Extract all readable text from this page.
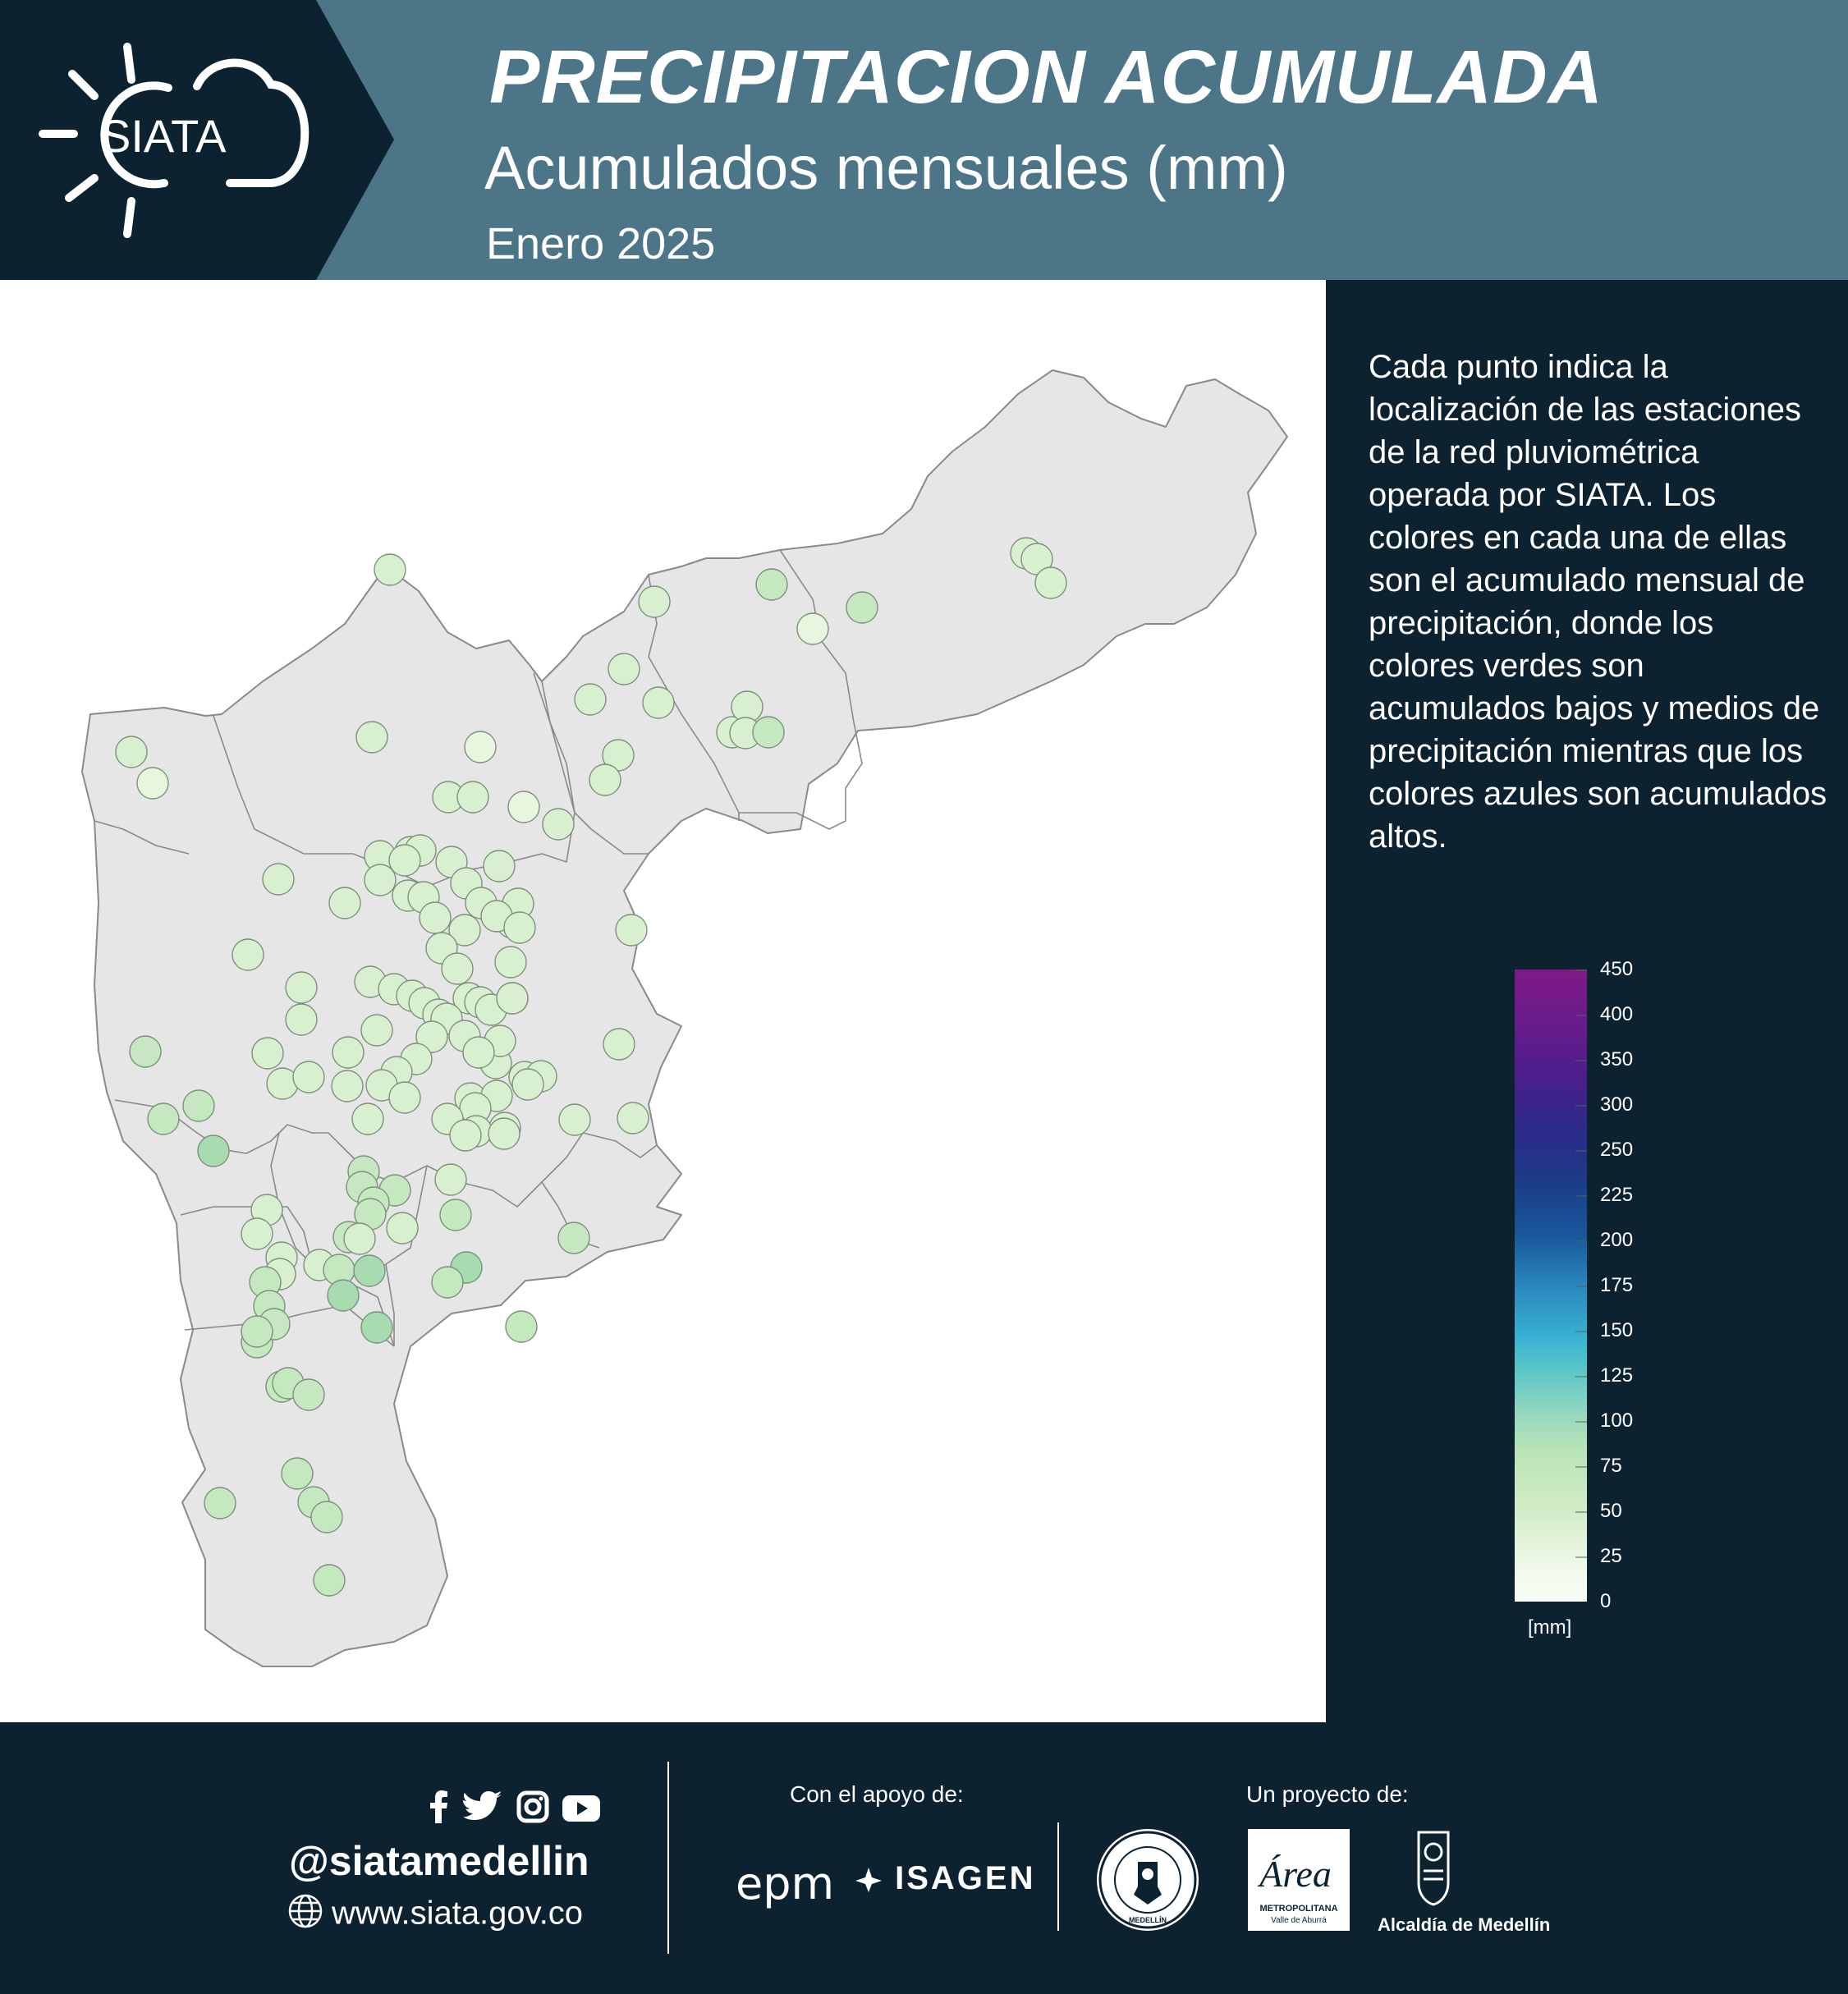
SIATA
PRECIPITACION ACUMULADA
Acumulados mensuales (mm)
Enero 2025
Cada punto indica la localización de las estaciones de la red pluviométrica operada por SIATA. Los colores en cada una de ellas son el acumulado mensual de precipitación, donde los colores verdes son acumulados bajos y medios de precipitación mientras que los colores azules son acumulados altos.
450
400
350
300
250
225
200
175
150
125
100
75
50
25
0
[mm]

@siatamedellin
www.siata.gov.co
Con el apoyo de:
epm	ISAGEN
Un proyecto de:
MEDELLÍN
Área
METROPOLITANA
Valle de Aburrá	Alcaldía de Medellín
